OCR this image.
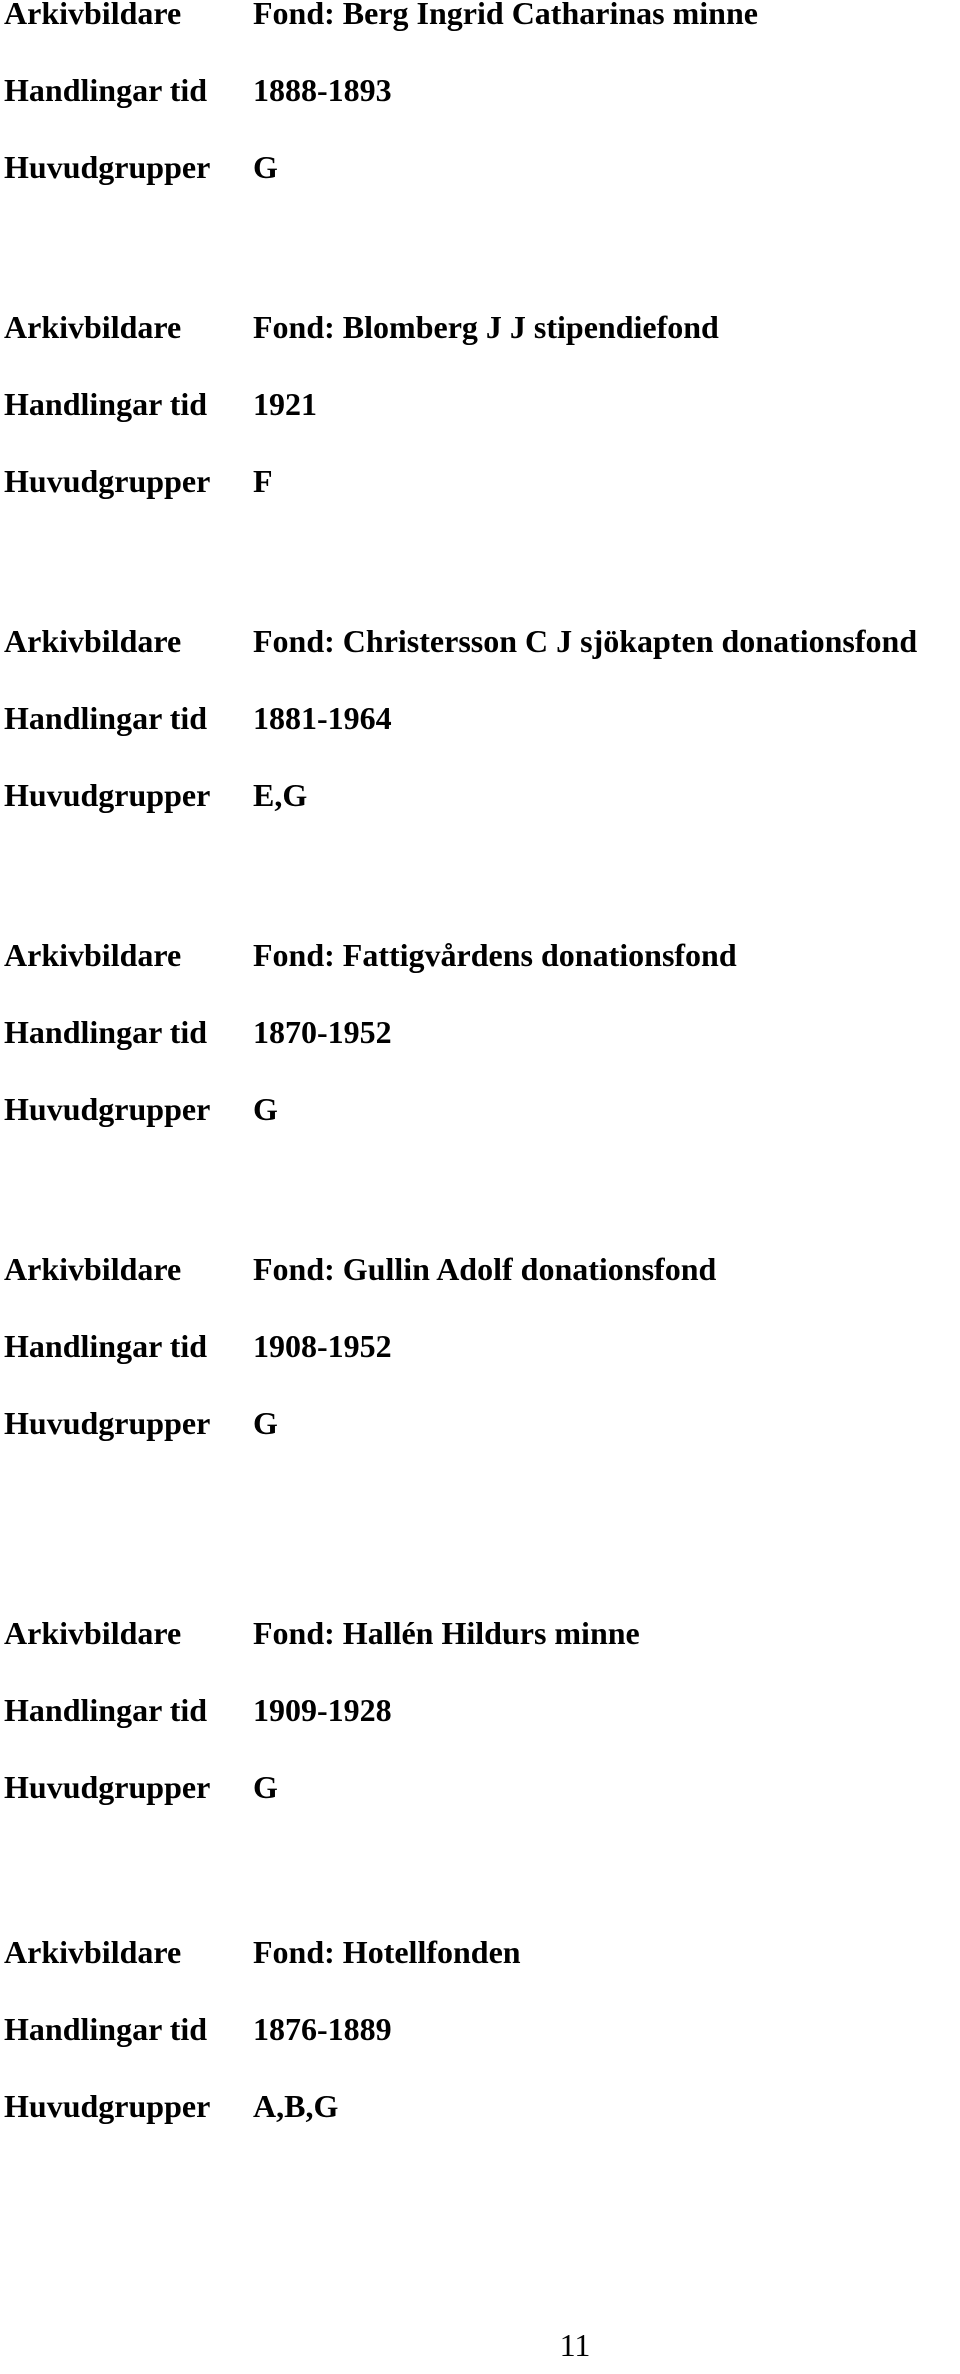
Arkivbildare Fond: Berg Ingrid Catharinas minne
Handlingar tid 1888-1893
Huvudgrupper G
Arkivbildare Fond: Blomberg J J stipendiefond
Handlingar tid 1921
Huvudgrupper F
Arkivbildare Fond: Christersson C J sjökapten donationsfond
Handlingar tid 1881-1964
Huvudgrupper E,G
Arkivbildare Fond: Fattigvårdens donationsfond
Handlingar tid 1870-1952
Huvudgrupper G
Arkivbildare Fond: Gullin Adolf donationsfond
Handlingar tid 1908-1952
Huvudgrupper G
Arkivbildare Fond: Hallén Hildurs minne
Handlingar tid 1909-1928
Huvudgrupper G
Arkivbildare Fond: Hotellfonden
Handlingar tid 1876-1889
Huvudgrupper A,B,G
11
